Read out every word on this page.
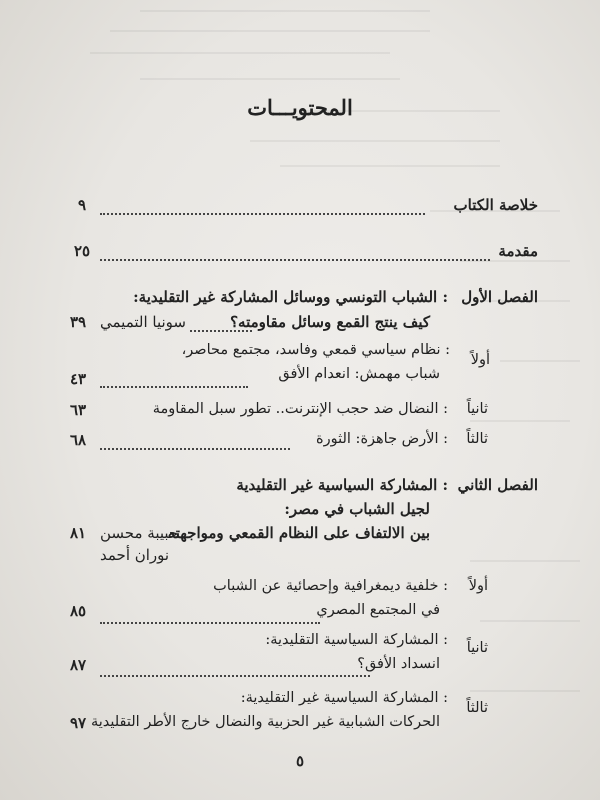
المحتويـــات
خلاصة الكتاب
٩
مقدمة
٢٥
الفصل الأول
: الشباب التونسي ووسائل المشاركة غير التقليدية:
كيف ينتج القمع وسائل مقاومته؟
سونيا التميمي
٣٩
أولاً
: نظام سياسي قمعي وفاسد، مجتمع محاصر،
شباب مهمش: انعدام الأفق
٤٣
ثانياً
: النضال ضد حجب الإنترنت.. تطور سبل المقاومة
٦٣
ثالثاً
: الأرض جاهزة: الثورة
٦٨
الفصل الثاني
: المشاركة السياسية غير التقليدية
لجيل الشباب في مصر:
بين الالتفاف على النظام القمعي ومواجهته
حبيبة محسن
٨١
نوران أحمد
أولاً
: خلفية ديمغرافية وإحصائية عن الشباب
في المجتمع المصري
٨٥
ثانياً
: المشاركة السياسية التقليدية:
انسداد الأفق؟
٨٧
ثالثاً
: المشاركة السياسية غير التقليدية:
الحركات الشبابية غير الحزبية والنضال خارج الأطر التقليدية
٩٧
٥
